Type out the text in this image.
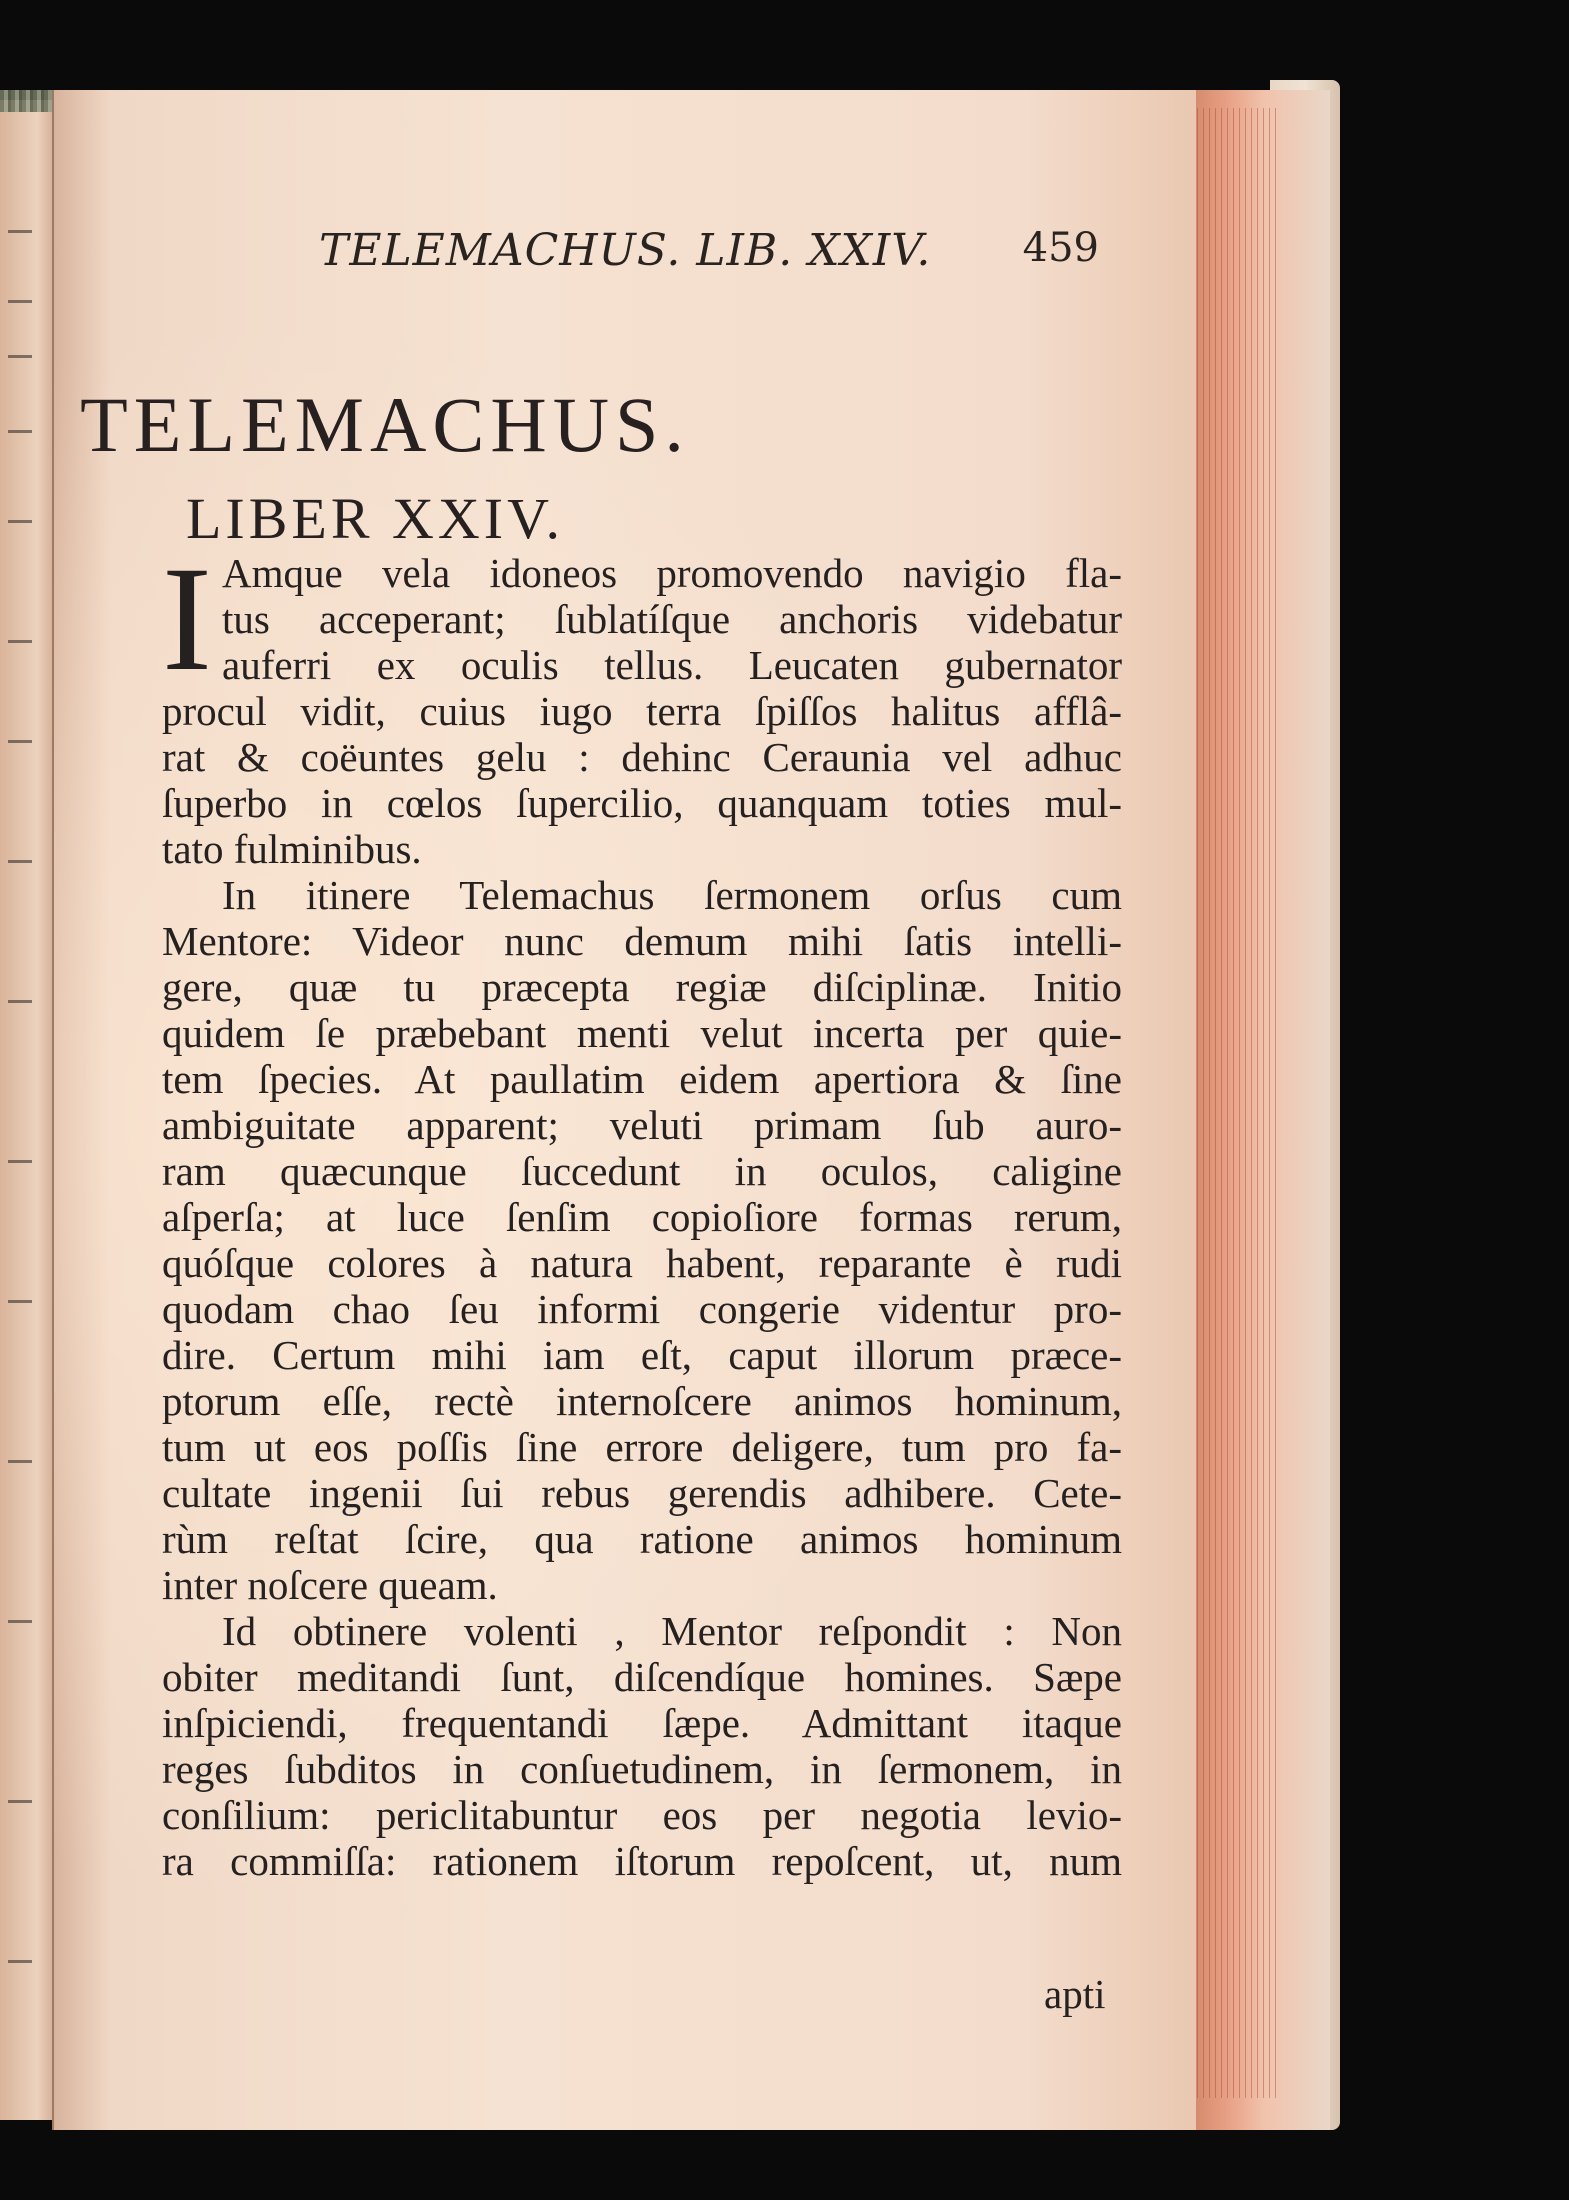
TELEMACHUS. LIB. XXIV. 459
TELEMACHUS.
LIBER XXIV.
I Amque vela idoneos promovendo navigio fla-
tus acceperant; ſublatíſque anchoris videbatur
auferri ex oculis tellus. Leucaten gubernator
procul vidit, cuius iugo terra ſpiſſos halitus afflâ-
rat & coëuntes gelu : dehinc Ceraunia vel adhuc
ſuperbo in cœlos ſupercilio, quanquam toties mul-
tato fulminibus.

In itinere Telemachus ſermonem orſus cum
Mentore: Videor nunc demum mihi ſatis intelli-
gere, quæ tu præcepta regiæ diſciplinæ. Initio
quidem ſe præbebant menti velut incerta per quie-
tem ſpecies. At paullatim eidem apertiora & ſine
ambiguitate apparent; veluti primam ſub auro-
ram quæcunque ſuccedunt in oculos, caligine
aſperſa; at luce ſenſim copioſiore formas rerum,
quóſque colores à natura habent, reparante è rudi
quodam chao ſeu informi congerie videntur pro-
dire. Certum mihi iam eſt, caput illorum præce-
ptorum eſſe, rectè internoſcere animos hominum,
tum ut eos poſſis ſine errore deligere, tum pro fa-
cultate ingenii ſui rebus gerendis adhibere. Cete-
rùm reſtat ſcire, qua ratione animos hominum
inter noſcere queam.

Id obtinere volenti , Mentor reſpondit : Non
obiter meditandi ſunt, diſcendíque homines. Sæpe
inſpiciendi, frequentandi ſæpe. Admittant itaque
reges ſubditos in conſuetudinem, in ſermonem, in
conſilium: periclitabuntur eos per negotia levio-
ra commiſſa: rationem iſtorum repoſcent, ut, num

apti
